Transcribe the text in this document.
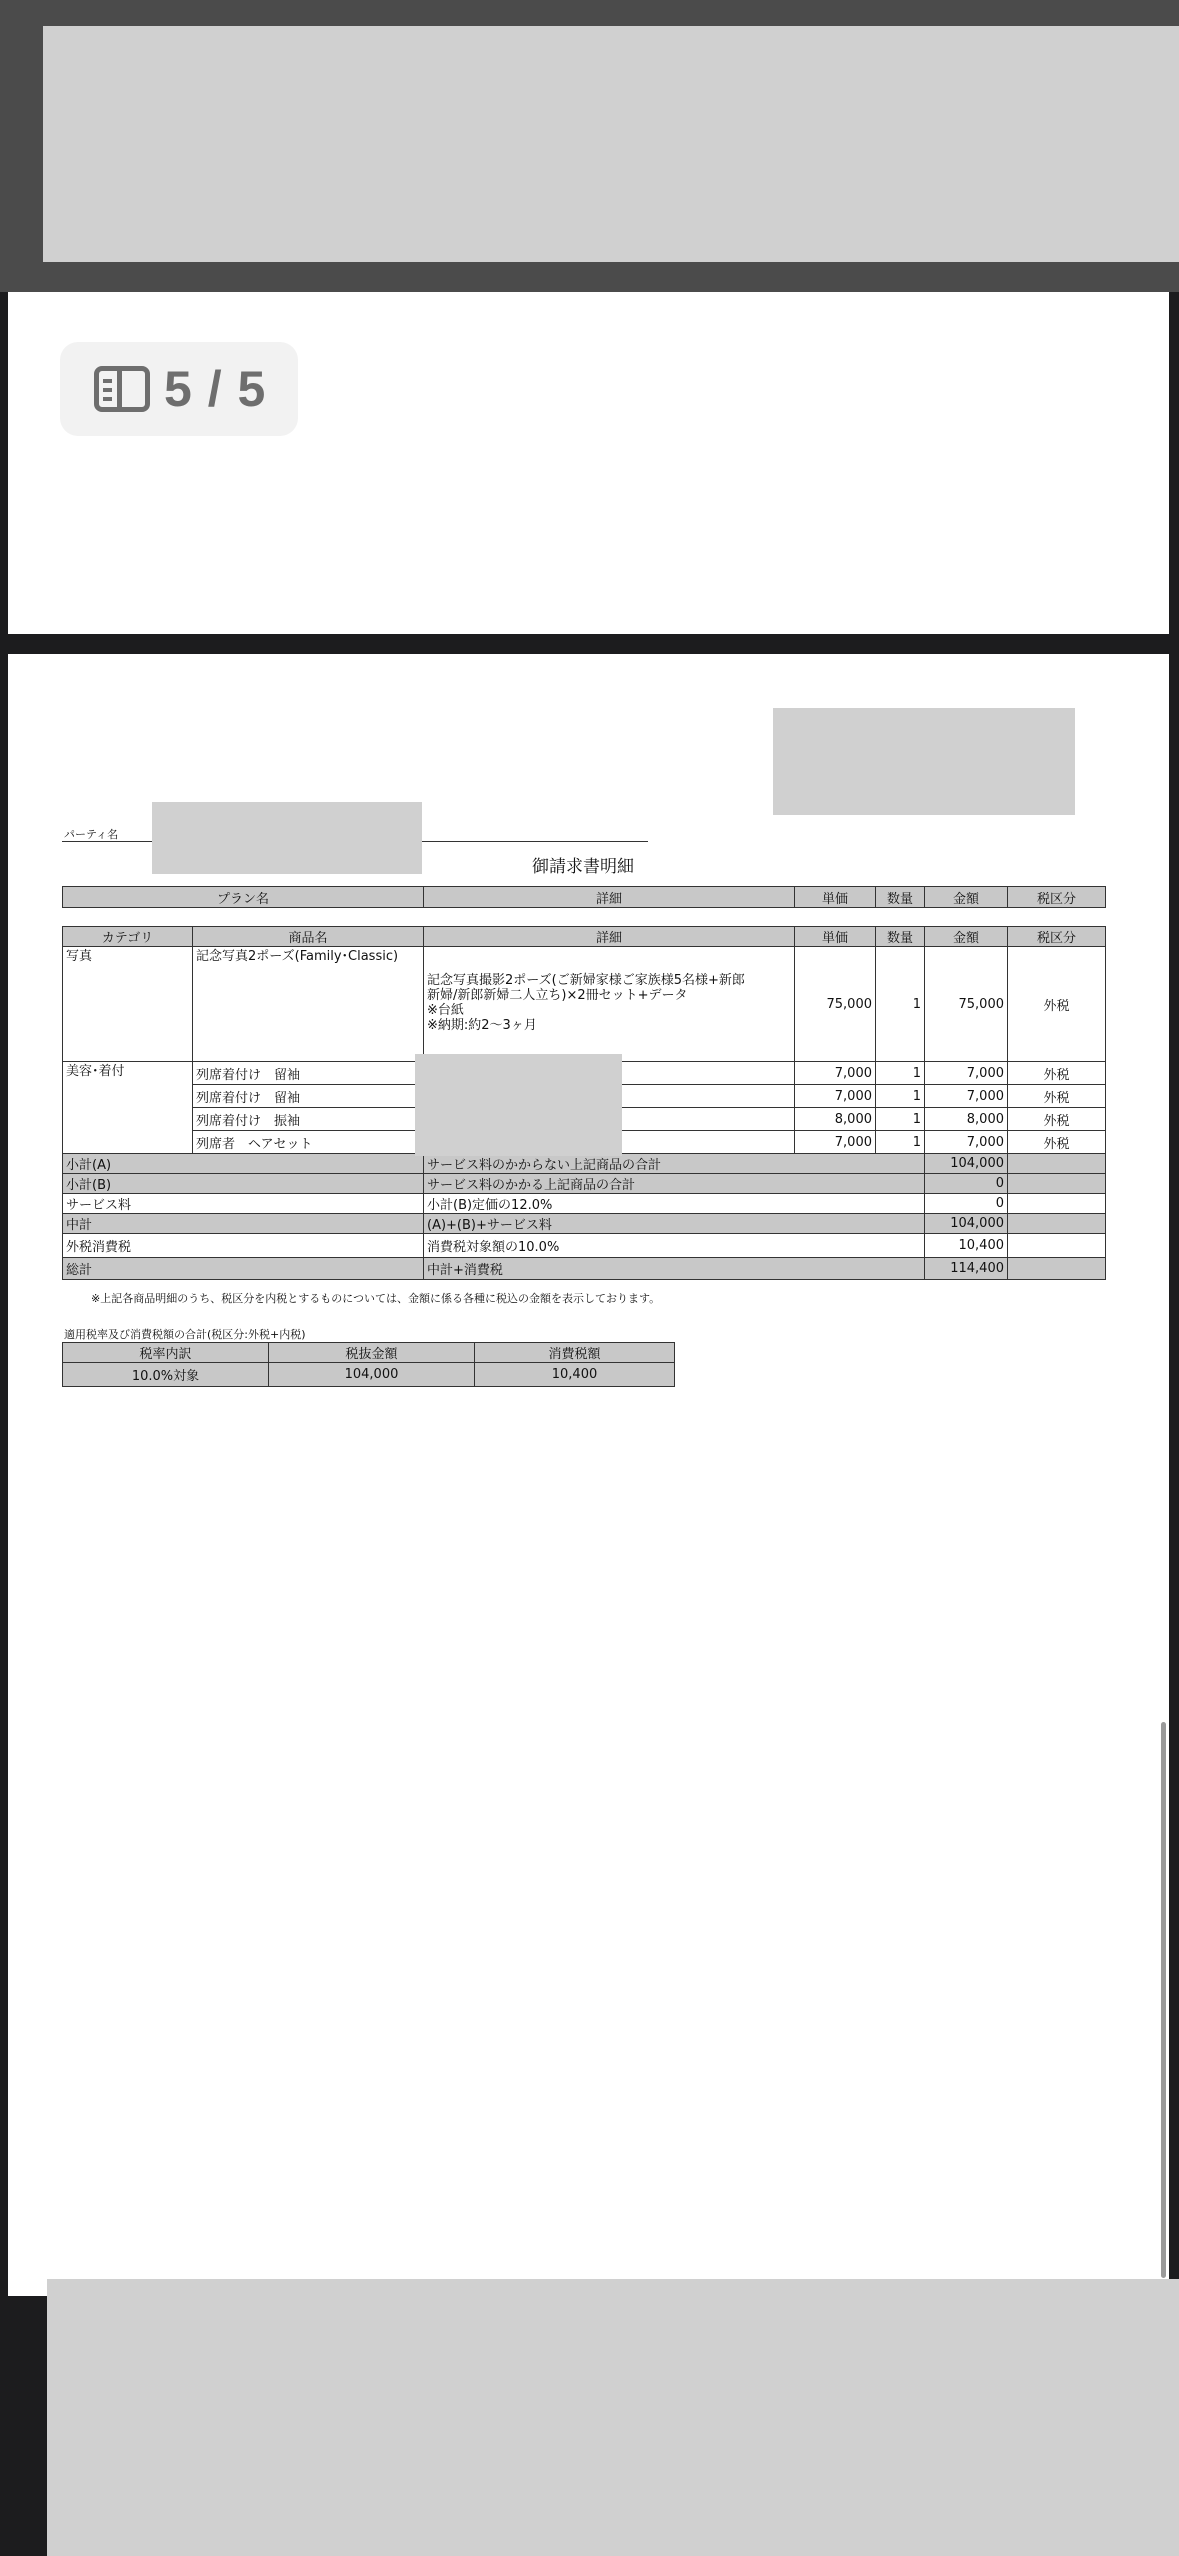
5 / 5
パーティ名
御請求書明細
プラン名	詳細	単価	数量	金額	税区分
カテゴリ	商品名	詳細	単価	数量	金額	税区分
写真	記念写真2ポーズ(Family･Classic)	記念写真撮影2ポーズ(ご新婦家様ご家族様5名様+新郎
新婦/新郎新婦二人立ち)×2冊セット+データ
※台紙
※納期:約2～3ヶ月	75,000	1	75,000	外税
美容･着付	列席着付け　留袖		7,000	1	7,000	外税
	列席着付け　留袖		7,000	1	7,000	外税
	列席着付け　振袖		8,000	1	8,000	外税
	列席者　ヘアセット		7,000	1	7,000	外税
小計(A)		サービス料のかからない上記商品の合計			104,000	
小計(B)		サービス料のかかる上記商品の合計			0	
サービス料		小計(B)定価の12.0%			0	
中計		(A)+(B)+サービス料			104,000	
外税消費税		消費税対象額の10.0%			10,400	
総計		中計+消費税			114,400	
※上記各商品明細のうち、税区分を内税とするものについては、金額に係る各種に税込の金額を表示しております。
適用税率及び消費税額の合計(税区分:外税+内税)
税率内訳	税抜金額	消費税額
10.0%対象	104,000	10,400
